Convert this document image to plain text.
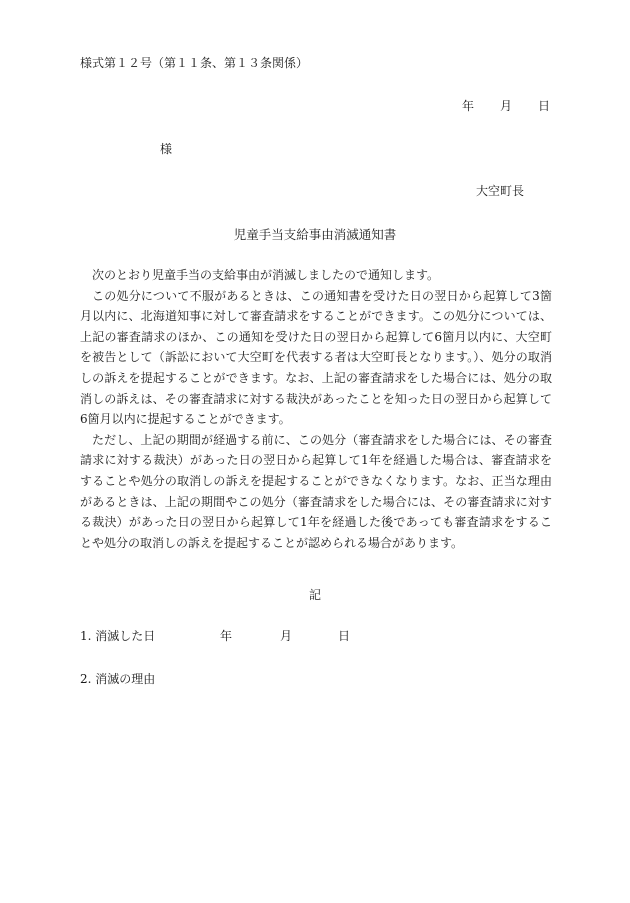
様式第１２号（第１１条、第１３条関係）
年 月 日
様
大空町長
児童手当支給事由消滅通知書

次のとおり児童手当の支給事由が消滅しましたので通知します。

この処分について不服があるときは、この通知書を受けた日の翌日から起算して3箇月以内に、北海道知事に対して審査請求をすることができます。この処分については、上記の審査請求のほか、この通知を受けた日の翌日から起算して6箇月以内に、大空町を被告として（訴訟において大空町を代表する者は大空町長となります。）、処分の取消しの訴えを提起することができます。なお、上記の審査請求をした場合には、処分の取消しの訴えは、その審査請求に対する裁決があったことを知った日の翌日から起算して6箇月以内に提起することができます。

ただし、上記の期間が経過する前に、この処分（審査請求をした場合には、その審査請求に対する裁決）があった日の翌日から起算して1年を経過した場合は、審査請求をすることや処分の取消しの訴えを提起することができなくなります。なお、正当な理由があるときは、上記の期間やこの処分（審査請求をした場合には、その審査請求に対する裁決）があった日の翌日から起算して1年を経過した後であっても審査請求をすることや処分の取消しの訴えを提起することが認められる場合があります。

記
1. 消滅した日	年	月	日
2. 消滅の理由
